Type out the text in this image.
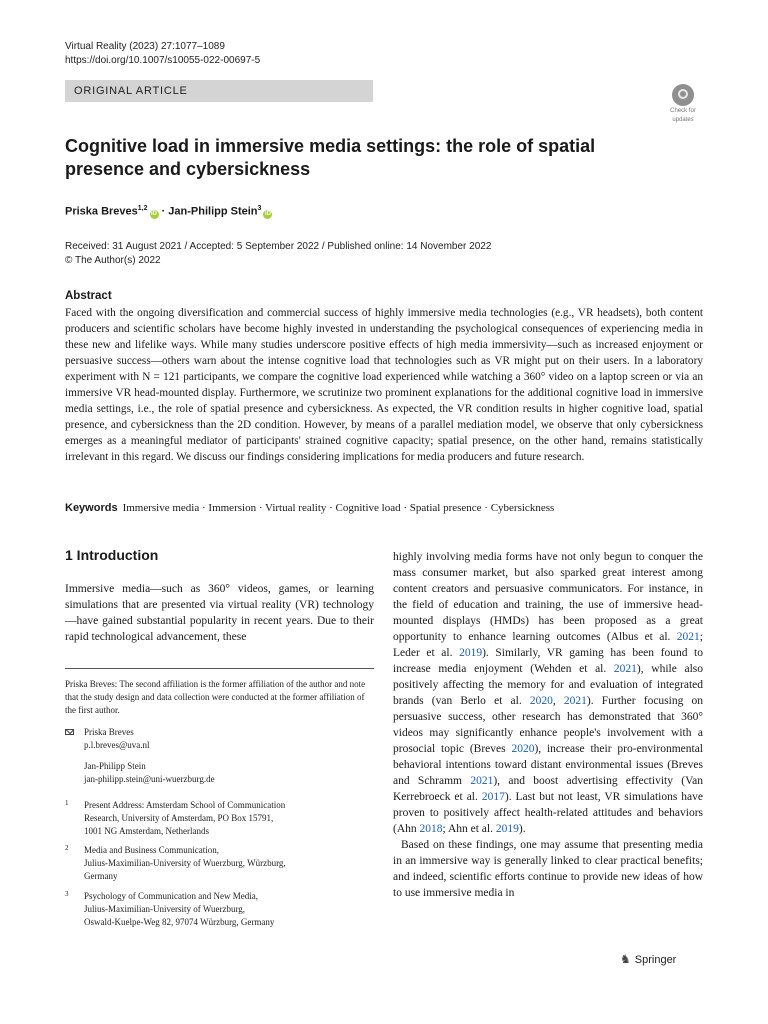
Virtual Reality (2023) 27:1077–1089
https://doi.org/10.1007/s10055-022-00697-5
ORIGINAL ARTICLE
Check for
updates
Cognitive load in immersive media settings: the role of spatial presence and cybersickness
Priska Breves$^{1,2}$iD · Jan-Philipp Stein$^3$iD
Received: 31 August 2021 / Accepted: 5 September 2022 / Published online: 14 November 2022
© The Author(s) 2022
Abstract
Faced with the ongoing diversification and commercial success of highly immersive media technologies (e.g., VR headsets), both content producers and scientific scholars have become highly invested in understanding the psychological consequences of experiencing media in these new and lifelike ways. While many studies underscore positive effects of high media immersivity—such as increased enjoyment or persuasive success—others warn about the intense cognitive load that technologies such as VR might put on their users. In a laboratory experiment with N = 121 participants, we compare the cognitive load experienced while watching a 360° video on a laptop screen or via an immersive VR head-mounted display. Furthermore, we scrutinize two prominent explanations for the additional cognitive load in immersive media settings, i.e., the role of spatial presence and cybersickness. As expected, the VR condition results in higher cognitive load, spatial presence, and cybersickness than the 2D condition. However, by means of a parallel mediation model, we observe that only cybersickness emerges as a meaningful mediator of participants' strained cognitive capacity; spatial presence, on the other hand, remains statistically irrelevant in this regard. We discuss our findings considering implications for media producers and future research.
Keywords Immersive media · Immersion · Virtual reality · Cognitive load · Spatial presence · Cybersickness
1 Introduction
Immersive media—such as 360° videos, games, or learning simulations that are presented via virtual reality (VR) technology—have gained substantial popularity in recent years. Due to their rapid technological advancement, these
Priska Breves: The second affiliation is the former affiliation of the author and note that the study design and data collection were conducted at the former affiliation of the first author.
Priska Breves
p.l.breves@uva.nl
Jan-Philipp Stein
jan-philipp.stein@uni-wuerzburg.de
1 Present Address: Amsterdam School of Communication
Research, University of Amsterdam, PO Box 15791,
1001 NG Amsterdam, Netherlands
2 Media and Business Communication,
Julius-Maximilian-University of Wuerzburg, Würzburg,
Germany
3 Psychology of Communication and New Media,
Julius-Maximilian-University of Wuerzburg,
Oswald-Kuelpe-Weg 82, 97074 Würzburg, Germany
highly involving media forms have not only begun to conquer the mass consumer market, but also sparked great interest among content creators and persuasive communicators. For instance, in the field of education and training, the use of immersive head-mounted displays (HMDs) has been proposed as a great opportunity to enhance learning outcomes (Albus et al. 2021; Leder et al. 2019). Similarly, VR gaming has been found to increase media enjoyment (Wehden et al. 2021), while also positively affecting the memory for and evaluation of integrated brands (van Berlo et al. 2020, 2021). Further focusing on persuasive success, other research has demonstrated that 360° videos may significantly enhance people's involvement with a prosocial topic (Breves 2020), increase their pro-environmental behavioral intentions toward distant environmental issues (Breves and Schramm 2021), and boost advertising effectivity (Van Kerrebroeck et al. 2017). Last but not least, VR simulations have proven to positively affect health-related attitudes and behaviors (Ahn 2018; Ahn et al. 2019).
Based on these findings, one may assume that presenting media in an immersive way is generally linked to clear practical benefits; and indeed, scientific efforts continue to provide new ideas of how to use immersive media in
♞ Springer
